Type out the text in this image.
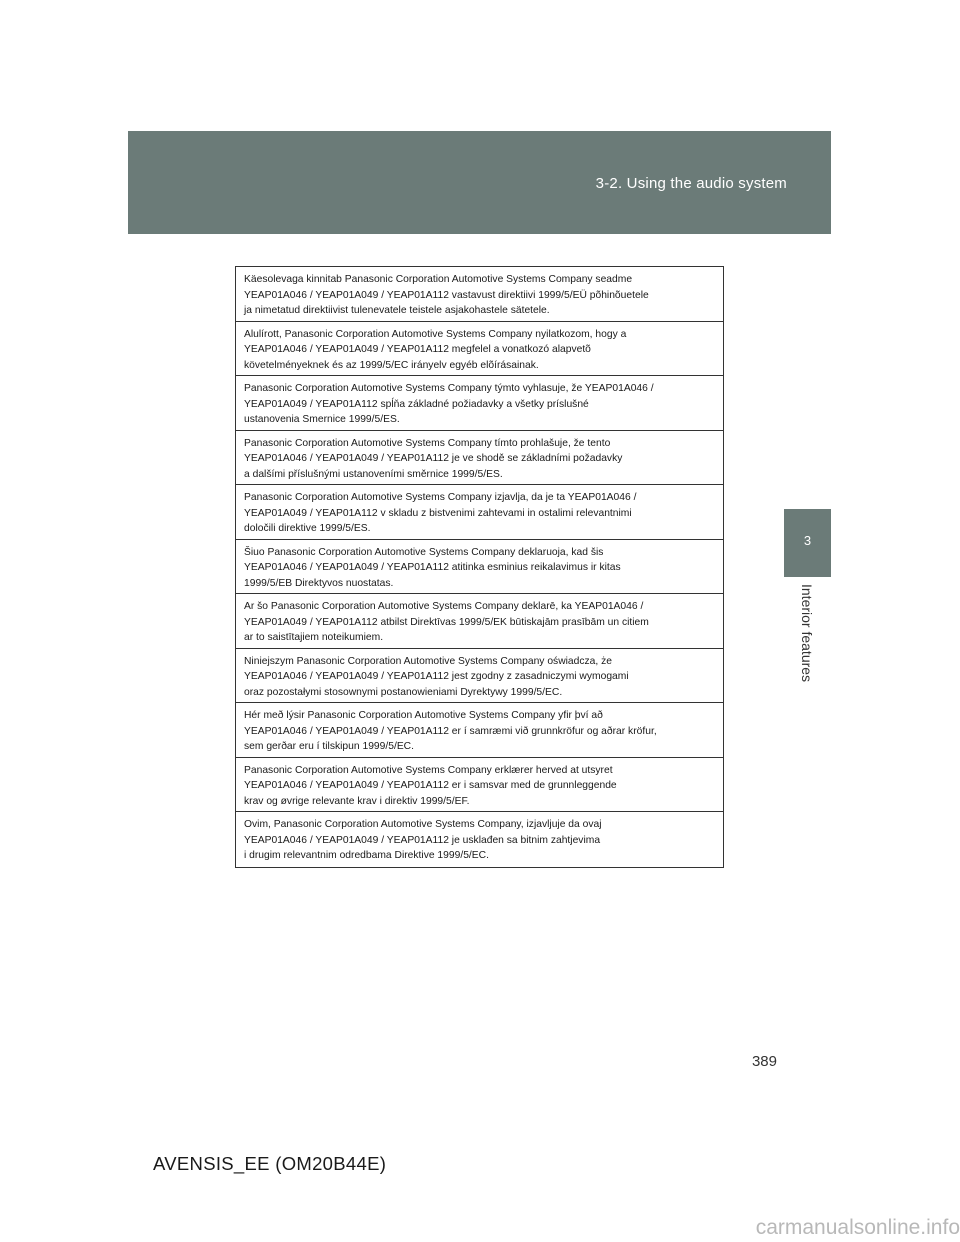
3-2. Using the audio system
3
Interior features
Käesolevaga kinnitab Panasonic Corporation Automotive Systems Company seadme
YEAP01A046 / YEAP01A049 / YEAP01A112 vastavust direktiivi 1999/5/EÜ põhinõuetele
ja nimetatud direktiivist tulenevatele teistele asjakohastele sätetele.
Alulírott, Panasonic Corporation Automotive Systems Company nyilatkozom, hogy a
YEAP01A046 / YEAP01A049 / YEAP01A112 megfelel a vonatkozó alapvetõ
követelményeknek és az 1999/5/EC irányelv egyéb elõírásainak.
Panasonic Corporation Automotive Systems Company týmto vyhlasuje, že YEAP01A046 /
YEAP01A049 / YEAP01A112 spĺňa základné požiadavky a všetky príslušné
ustanovenia Smernice 1999/5/ES.
Panasonic Corporation Automotive Systems Company tímto prohlašuje, že tento
YEAP01A046 / YEAP01A049 / YEAP01A112 je ve shodě se základními požadavky
a dalšími příslušnými ustanoveními směrnice 1999/5/ES.
Panasonic Corporation Automotive Systems Company izjavlja, da je ta YEAP01A046 /
YEAP01A049 / YEAP01A112 v skladu z bistvenimi zahtevami in ostalimi relevantnimi
določili direktive 1999/5/ES.
Šiuo Panasonic Corporation Automotive Systems Company deklaruoja, kad šis
YEAP01A046 / YEAP01A049 / YEAP01A112 atitinka esminius reikalavimus ir kitas
1999/5/EB Direktyvos nuostatas.
Ar šo Panasonic Corporation Automotive Systems Company deklarē, ka YEAP01A046 /
YEAP01A049 / YEAP01A112 atbilst Direktīvas 1999/5/EK būtiskajām prasībām un citiem
ar to saistītajiem noteikumiem.
Niniejszym Panasonic Corporation Automotive Systems Company oświadcza, że
YEAP01A046 / YEAP01A049 / YEAP01A112 jest zgodny z zasadniczymi wymogami
oraz pozostałymi stosownymi postanowieniami Dyrektywy 1999/5/EC.
Hér með lýsir Panasonic Corporation Automotive Systems Company yfir því að
YEAP01A046 / YEAP01A049 / YEAP01A112 er í samræmi við grunnkröfur og aðrar kröfur,
sem gerðar eru í tilskipun 1999/5/EC.
Panasonic Corporation Automotive Systems Company erklærer herved at utsyret
YEAP01A046 / YEAP01A049 / YEAP01A112 er i samsvar med de grunnleggende
krav og øvrige relevante krav i direktiv 1999/5/EF.
Ovim, Panasonic Corporation Automotive Systems Company, izjavljuje da ovaj
YEAP01A046 / YEAP01A049 / YEAP01A112 je usklađen sa bitnim zahtjevima
i drugim relevantnim odredbama Direktive 1999/5/EC.
389
AVENSIS_EE (OM20B44E)
carmanualsonline.info
